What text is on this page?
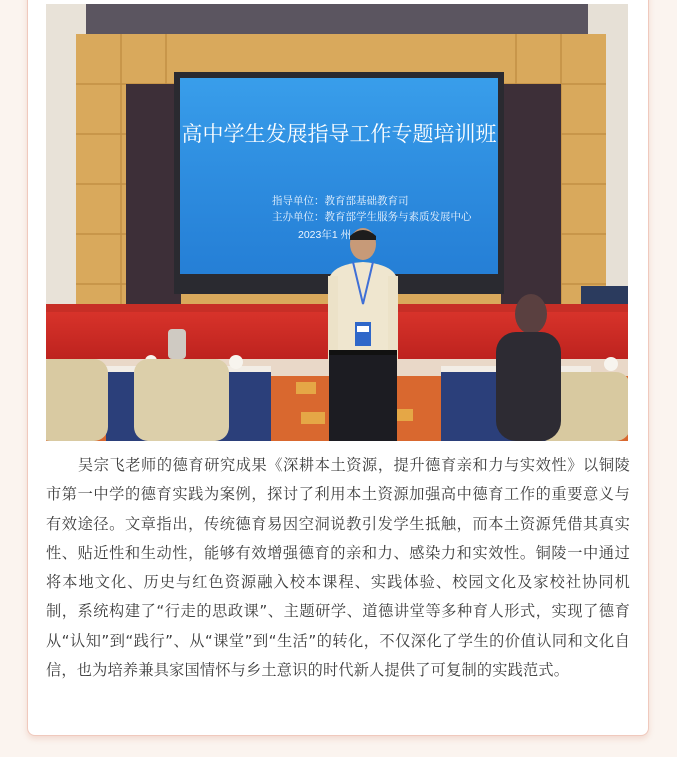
高中学生发展指导工作专题培训班
指导单位：教育部基础教育司
主办单位：教育部学生服务与素质发展中心
2023年1 州

吴宗飞老师的德育研究成果《深耕本土资源，提升德育亲和力与实效性》以铜陵市第一中学的德育实践为案例，探讨了利用本土资源加强高中德育工作的重要意义与有效途径。文章指出，传统德育易因空洞说教引发学生抵触，而本土资源凭借其真实性、贴近性和生动性，能够有效增强德育的亲和力、感染力和实效性。铜陵一中通过将本地文化、历史与红色资源融入校本课程、实践体验、校园文化及家校社协同机制，系统构建了“行走的思政课”、主题研学、道德讲堂等多种育人形式，实现了德育从“认知”到“践行”、从“课堂”到“生活”的转化，不仅深化了学生的价值认同和文化自信，也为培养兼具家国情怀与乡土意识的时代新人提供了可复制的实践范式。
